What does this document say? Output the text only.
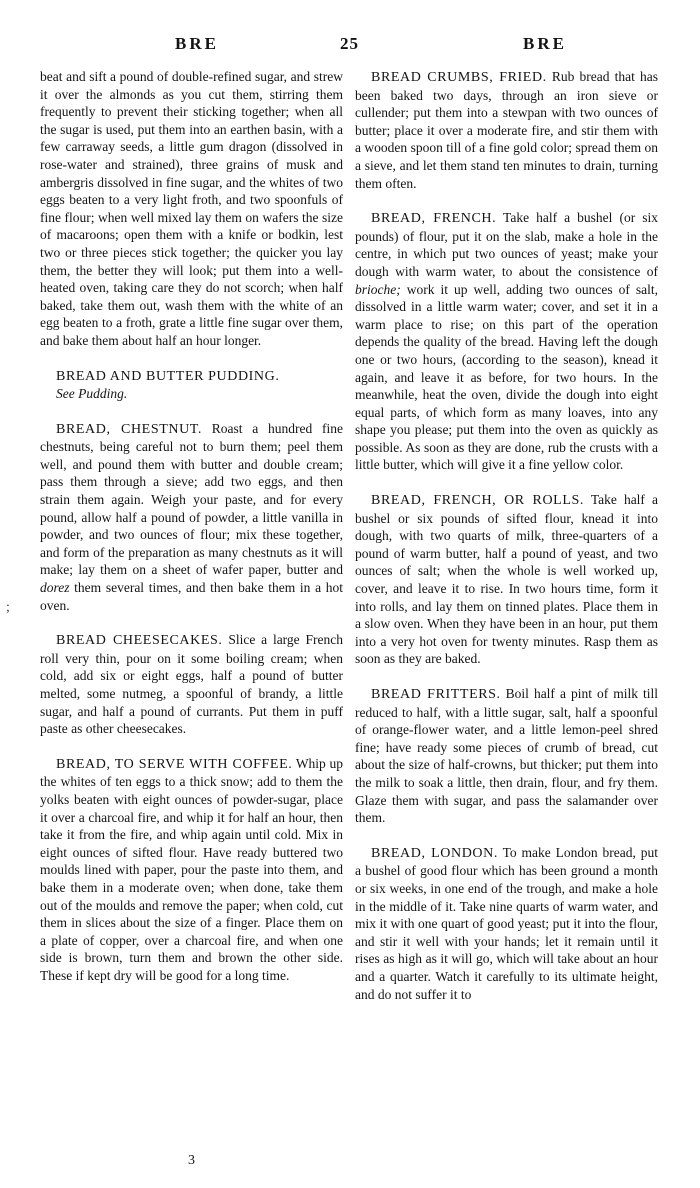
BRE	25	BRE
;

beat and sift a pound of double-refined sugar, and strew it over the almonds as you cut them, stirring them frequently to prevent their sticking together; when all the sugar is used, put them into an earthen basin, with a few carraway seeds, a little gum dragon (dissolved in rose-water and strained), three grains of musk and ambergris dissolved in fine sugar, and the whites of two eggs beaten to a very light froth, and two spoonfuls of fine flour; when well mixed lay them on wafers the size of macaroons; open them with a knife or bodkin, lest two or three pieces stick together; the quicker you lay them, the better they will look; put them into a well-heated oven, taking care they do not scorch; when half baked, take them out, wash them with the white of an egg beaten to a froth, grate a little fine sugar over them, and bake them about half an hour longer.

BREAD AND BUTTER PUDDING.

See Pudding.

BREAD, CHESTNUT. Roast a hundred fine chestnuts, being careful not to burn them; peel them well, and pound them with butter and double cream; pass them through a sieve; add two eggs, and then strain them again. Weigh your paste, and for every pound, allow half a pound of powder, a little vanilla in powder, and two ounces of flour; mix these together, and form of the preparation as many chestnuts as it will make; lay them on a sheet of wafer paper, butter and dorez them several times, and then bake them in a hot oven.

BREAD CHEESECAKES. Slice a large French roll very thin, pour on it some boiling cream; when cold, add six or eight eggs, half a pound of butter melted, some nutmeg, a spoonful of brandy, a little sugar, and half a pound of currants. Put them in puff paste as other cheesecakes.

BREAD, TO SERVE WITH COFFEE. Whip up the whites of ten eggs to a thick snow; add to them the yolks beaten with eight ounces of powder-sugar, place it over a charcoal fire, and whip it for half an hour, then take it from the fire, and whip again until cold. Mix in eight ounces of sifted flour. Have ready buttered two moulds lined with paper, pour the paste into them, and bake them in a moderate oven; when done, take them out of the moulds and remove the paper; when cold, cut them in slices about the size of a finger. Place them on a plate of copper, over a charcoal fire, and when one side is brown, turn them and brown the other side. These if kept dry will be good for a long time.

BREAD CRUMBS, FRIED. Rub bread that has been baked two days, through an iron sieve or cullender; put them into a stewpan with two ounces of butter; place it over a moderate fire, and stir them with a wooden spoon till of a fine gold color; spread them on a sieve, and let them stand ten minutes to drain, turning them often.

BREAD, FRENCH. Take half a bushel (or six pounds) of flour, put it on the slab, make a hole in the centre, in which put two ounces of yeast; make your dough with warm water, to about the consistence of brioche; work it up well, adding two ounces of salt, dissolved in a little warm water; cover, and set it in a warm place to rise; on this part of the operation depends the quality of the bread. Having left the dough one or two hours, (according to the season), knead it again, and leave it as before, for two hours. In the meanwhile, heat the oven, divide the dough into eight equal parts, of which form as many loaves, into any shape you please; put them into the oven as quickly as possible. As soon as they are done, rub the crusts with a little butter, which will give it a fine yellow color.

BREAD, FRENCH, OR ROLLS. Take half a bushel or six pounds of sifted flour, knead it into dough, with two quarts of milk, three-quarters of a pound of warm butter, half a pound of yeast, and two ounces of salt; when the whole is well worked up, cover, and leave it to rise. In two hours time, form it into rolls, and lay them on tinned plates. Place them in a slow oven. When they have been in an hour, put them into a very hot oven for twenty minutes. Rasp them as soon as they are baked.

BREAD FRITTERS. Boil half a pint of milk till reduced to half, with a little sugar, salt, half a spoonful of orange-flower water, and a little lemon-peel shred fine; have ready some pieces of crumb of bread, cut about the size of half-crowns, but thicker; put them into the milk to soak a little, then drain, flour, and fry them. Glaze them with sugar, and pass the salamander over them.

BREAD, LONDON. To make London bread, put a bushel of good flour which has been ground a month or six weeks, in one end of the trough, and make a hole in the middle of it. Take nine quarts of warm water, and mix it with one quart of good yeast; put it into the flour, and stir it well with your hands; let it remain until it rises as high as it will go, which will take about an hour and a quarter. Watch it carefully to its ultimate height, and do not suffer it to

3
